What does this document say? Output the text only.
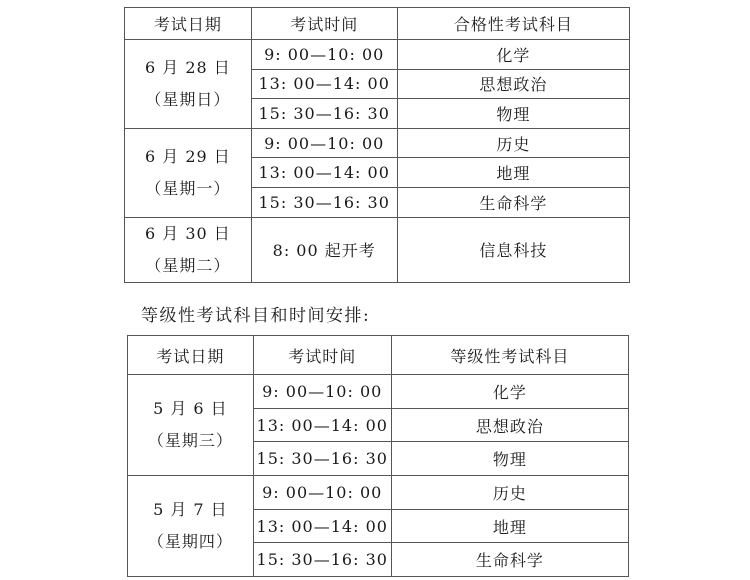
考试日期	考试时间	合格性考试科目

6 月 28 日
（星期日）	9: 00—10: 00	化学
	13: 00—14: 00	思想政治
	15: 30—16: 30	物理

6 月 29 日
（星期一）	9: 00—10: 00	历史
	13: 00—14: 00	地理
	15: 30—16: 30	生命科学

6 月 30 日
（星期二）	8: 00 起开考	信息科技

等级性考试科目和时间安排:

考试日期	考试时间	等级性考试科目

5 月 6 日
（星期三）	9: 00—10: 00	化学
	13: 00—14: 00	思想政治
	15: 30—16: 30	物理

5 月 7 日
（星期四）	9: 00—10: 00	历史
	13: 00—14: 00	地理
	15: 30—16: 30	生命科学
